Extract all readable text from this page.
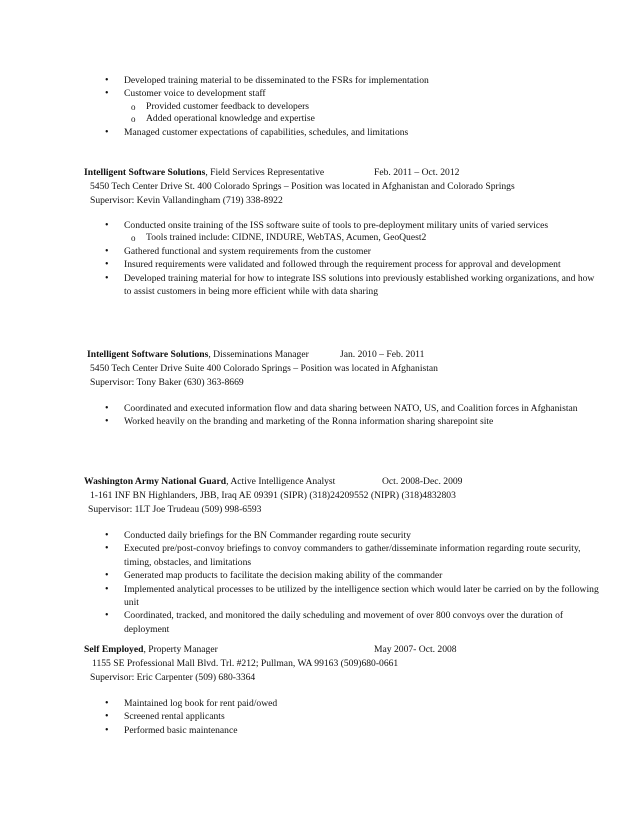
• Developed training material to be disseminated to the FSRs for implementation
• Customer voice to development staff
o Provided customer feedback to developers
o Added operational knowledge and expertise
• Managed customer expectations of capabilities, schedules, and limitations
Intelligent Software Solutions, Field Services Representative	Feb. 2011 – Oct. 2012
5450 Tech Center Drive St. 400 Colorado Springs – Position was located in Afghanistan and Colorado Springs
Supervisor: Kevin Vallandingham (719) 338-8922
• Conducted onsite training of the ISS software suite of tools to pre-deployment military units of varied services
o Tools trained include: CIDNE, INDURE, WebTAS, Acumen, GeoQuest2
• Gathered functional and system requirements from the customer
• Insured requirements were validated and followed through the requirement process for approval and development
• Developed training material for how to integrate ISS solutions into previously established working organizations, and how to assist customers in being more efficient while with data sharing
Intelligent Software Solutions, Disseminations Manager	Jan. 2010 – Feb. 2011
5450 Tech Center Drive Suite 400 Colorado Springs – Position was located in Afghanistan
Supervisor: Tony Baker (630) 363-8669
• Coordinated and executed information flow and data sharing between NATO, US, and Coalition forces in Afghanistan
• Worked heavily on the branding and marketing of the Ronna information sharing sharepoint site
Washington Army National Guard, Active Intelligence Analyst	Oct. 2008-Dec. 2009
1-161 INF BN Highlanders, JBB, Iraq AE 09391 (SIPR) (318)24209552 (NIPR) (318)4832803
Supervisor: 1LT Joe Trudeau (509) 998-6593
• Conducted daily briefings for the BN Commander regarding route security
• Executed pre/post-convoy briefings to convoy commanders to gather/disseminate information regarding route security, timing, obstacles, and limitations
• Generated map products to facilitate the decision making ability of the commander
• Implemented analytical processes to be utilized by the intelligence section which would later be carried on by the following unit
• Coordinated, tracked, and monitored the daily scheduling and movement of over 800 convoys over the duration of deployment
Self Employed, Property Manager	May 2007- Oct. 2008
1155 SE Professional Mall Blvd. Trl. #212; Pullman, WA 99163 (509)680-0661
Supervisor: Eric Carpenter (509) 680-3364
• Maintained log book for rent paid/owed
• Screened rental applicants
• Performed basic maintenance
